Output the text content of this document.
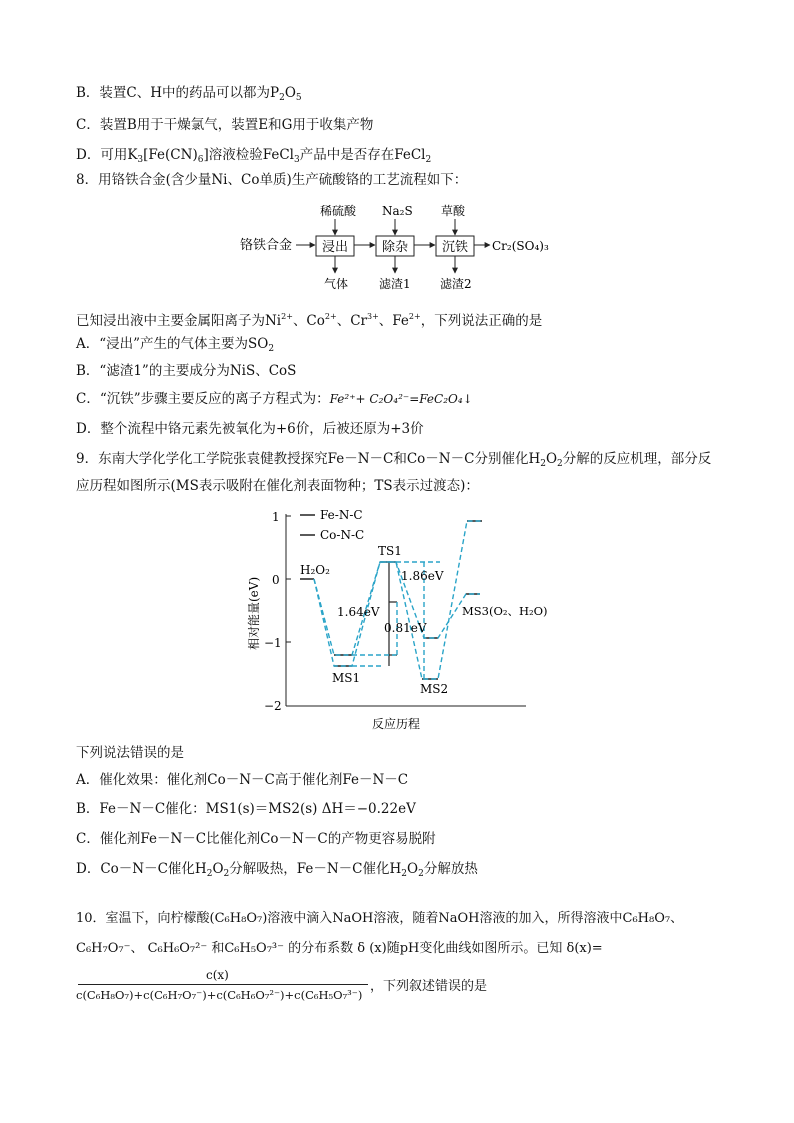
B．装置C、H中的药品可以都为$P_2O_5$
C．装置B用于干燥氯气，装置E和G用于收集产物
D．可用$K_3[Fe(CN)_6]$溶液检验FeCl$_3$产品中是否存在FeCl$_2$
8．用铬铁合金(含少量Ni、Co单质)生产硫酸铬的工艺流程如下：
铬铁合金 浸出	除杂	沉铁 Cr₂(SO₄)₃
稀硫酸 Na₂S 草酸
气体	滤渣1 滤渣2
已知浸出液中主要金属阳离子为$Ni^{2+}$、$Co^{2+}$、$Cr^{3+}$、$Fe^{2+}$，下列说法正确的是
A．“浸出”产生的气体主要为$SO_2$
B．“滤渣1”的主要成分为NiS、CoS
C．“沉铁”步骤主要反应的离子方程式为：Fe²⁺+ C₂O₄²⁻=FeC₂O₄↓
D．整个流程中铬元素先被氧化为+6价，后被还原为+3价
9．东南大学化学化工学院张袁健教授探究Fe－N－C和Co－N－C分别催化$H_2O_2$分解的反应机理，部分反
应历程如图所示(MS表示吸附在催化剂表面物种；TS表示过渡态)：
1
0
−1
−2
相对能量(eV)
反应历程
Fe-N-C
Co-N-C
H₂O₂
TS1
1.86eV
1.64eV
0.81eV
MS1
MS2
MS3(O₂、H₂O)
下列说法错误的是
A．催化效果：催化剂Co－N－C高于催化剂Fe－N－C
B．Fe－N－C催化：MS1(s)＝MS2(s) ΔH＝−0.22eV
C．催化剂Fe－N－C比催化剂Co－N－C的产物更容易脱附
D．Co－N－C催化$H_2O_2$分解吸热，Fe－N－C催化$H_2O_2$分解放热
10．室温下，向柠檬酸(C₆H₈O₇)溶液中滴入NaOH溶液，随着NaOH溶液的加入，所得溶液中C₆H₈O₇、
C₆H₇O₇⁻、 C₆H₆O₇²⁻ 和C₆H₅O₇³⁻ 的分布系数 δ (x)随pH变化曲线如图所示。已知 δ(x)=
c(x)
c(C₆H₈O₇)+c(C₆H₇O₇⁻)+c(C₆H₆O₇²⁻)+c(C₆H₅O₇³⁻)
，下列叙述错误的是
